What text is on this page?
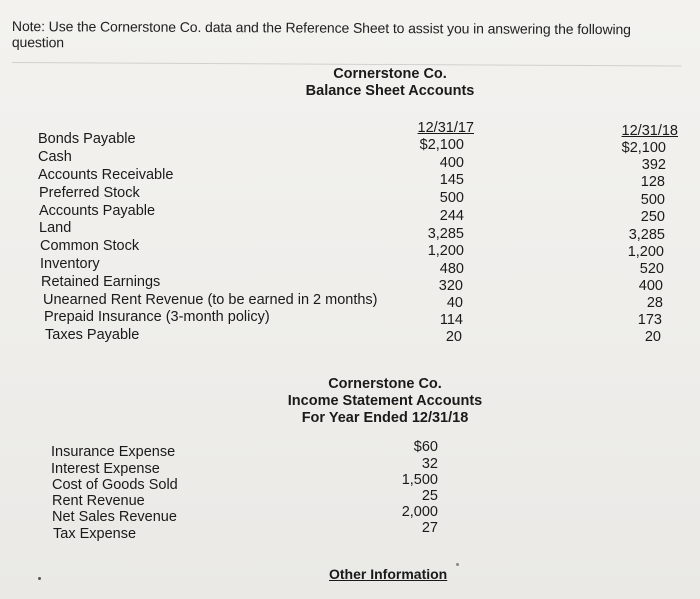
Note: Use the Cornerstone Co. data and the Reference Sheet to assist you in answering the following question
Cornerstone Co.
Balance Sheet Accounts
12/31/17	12/31/18
Bonds Payable
Cash
Accounts Receivable
Preferred Stock
Accounts Payable
Land
Common Stock
Inventory
Retained Earnings
Unearned Rent Revenue (to be earned in 2 months)
Prepaid Insurance (3-month policy)
Taxes Payable
$2,100
400
145
500
244
3,285
1,200
480
320
40
114
20
$2,100
392
128
500
250
3,285
1,200
520
400
28
173
20
Cornerstone Co.
Income Statement Accounts
For Year Ended 12/31/18
Insurance Expense
Interest Expense
Cost of Goods Sold
Rent Revenue
Net Sales Revenue
Tax Expense
$60
32
1,500
25
2,000
27
Other Information
